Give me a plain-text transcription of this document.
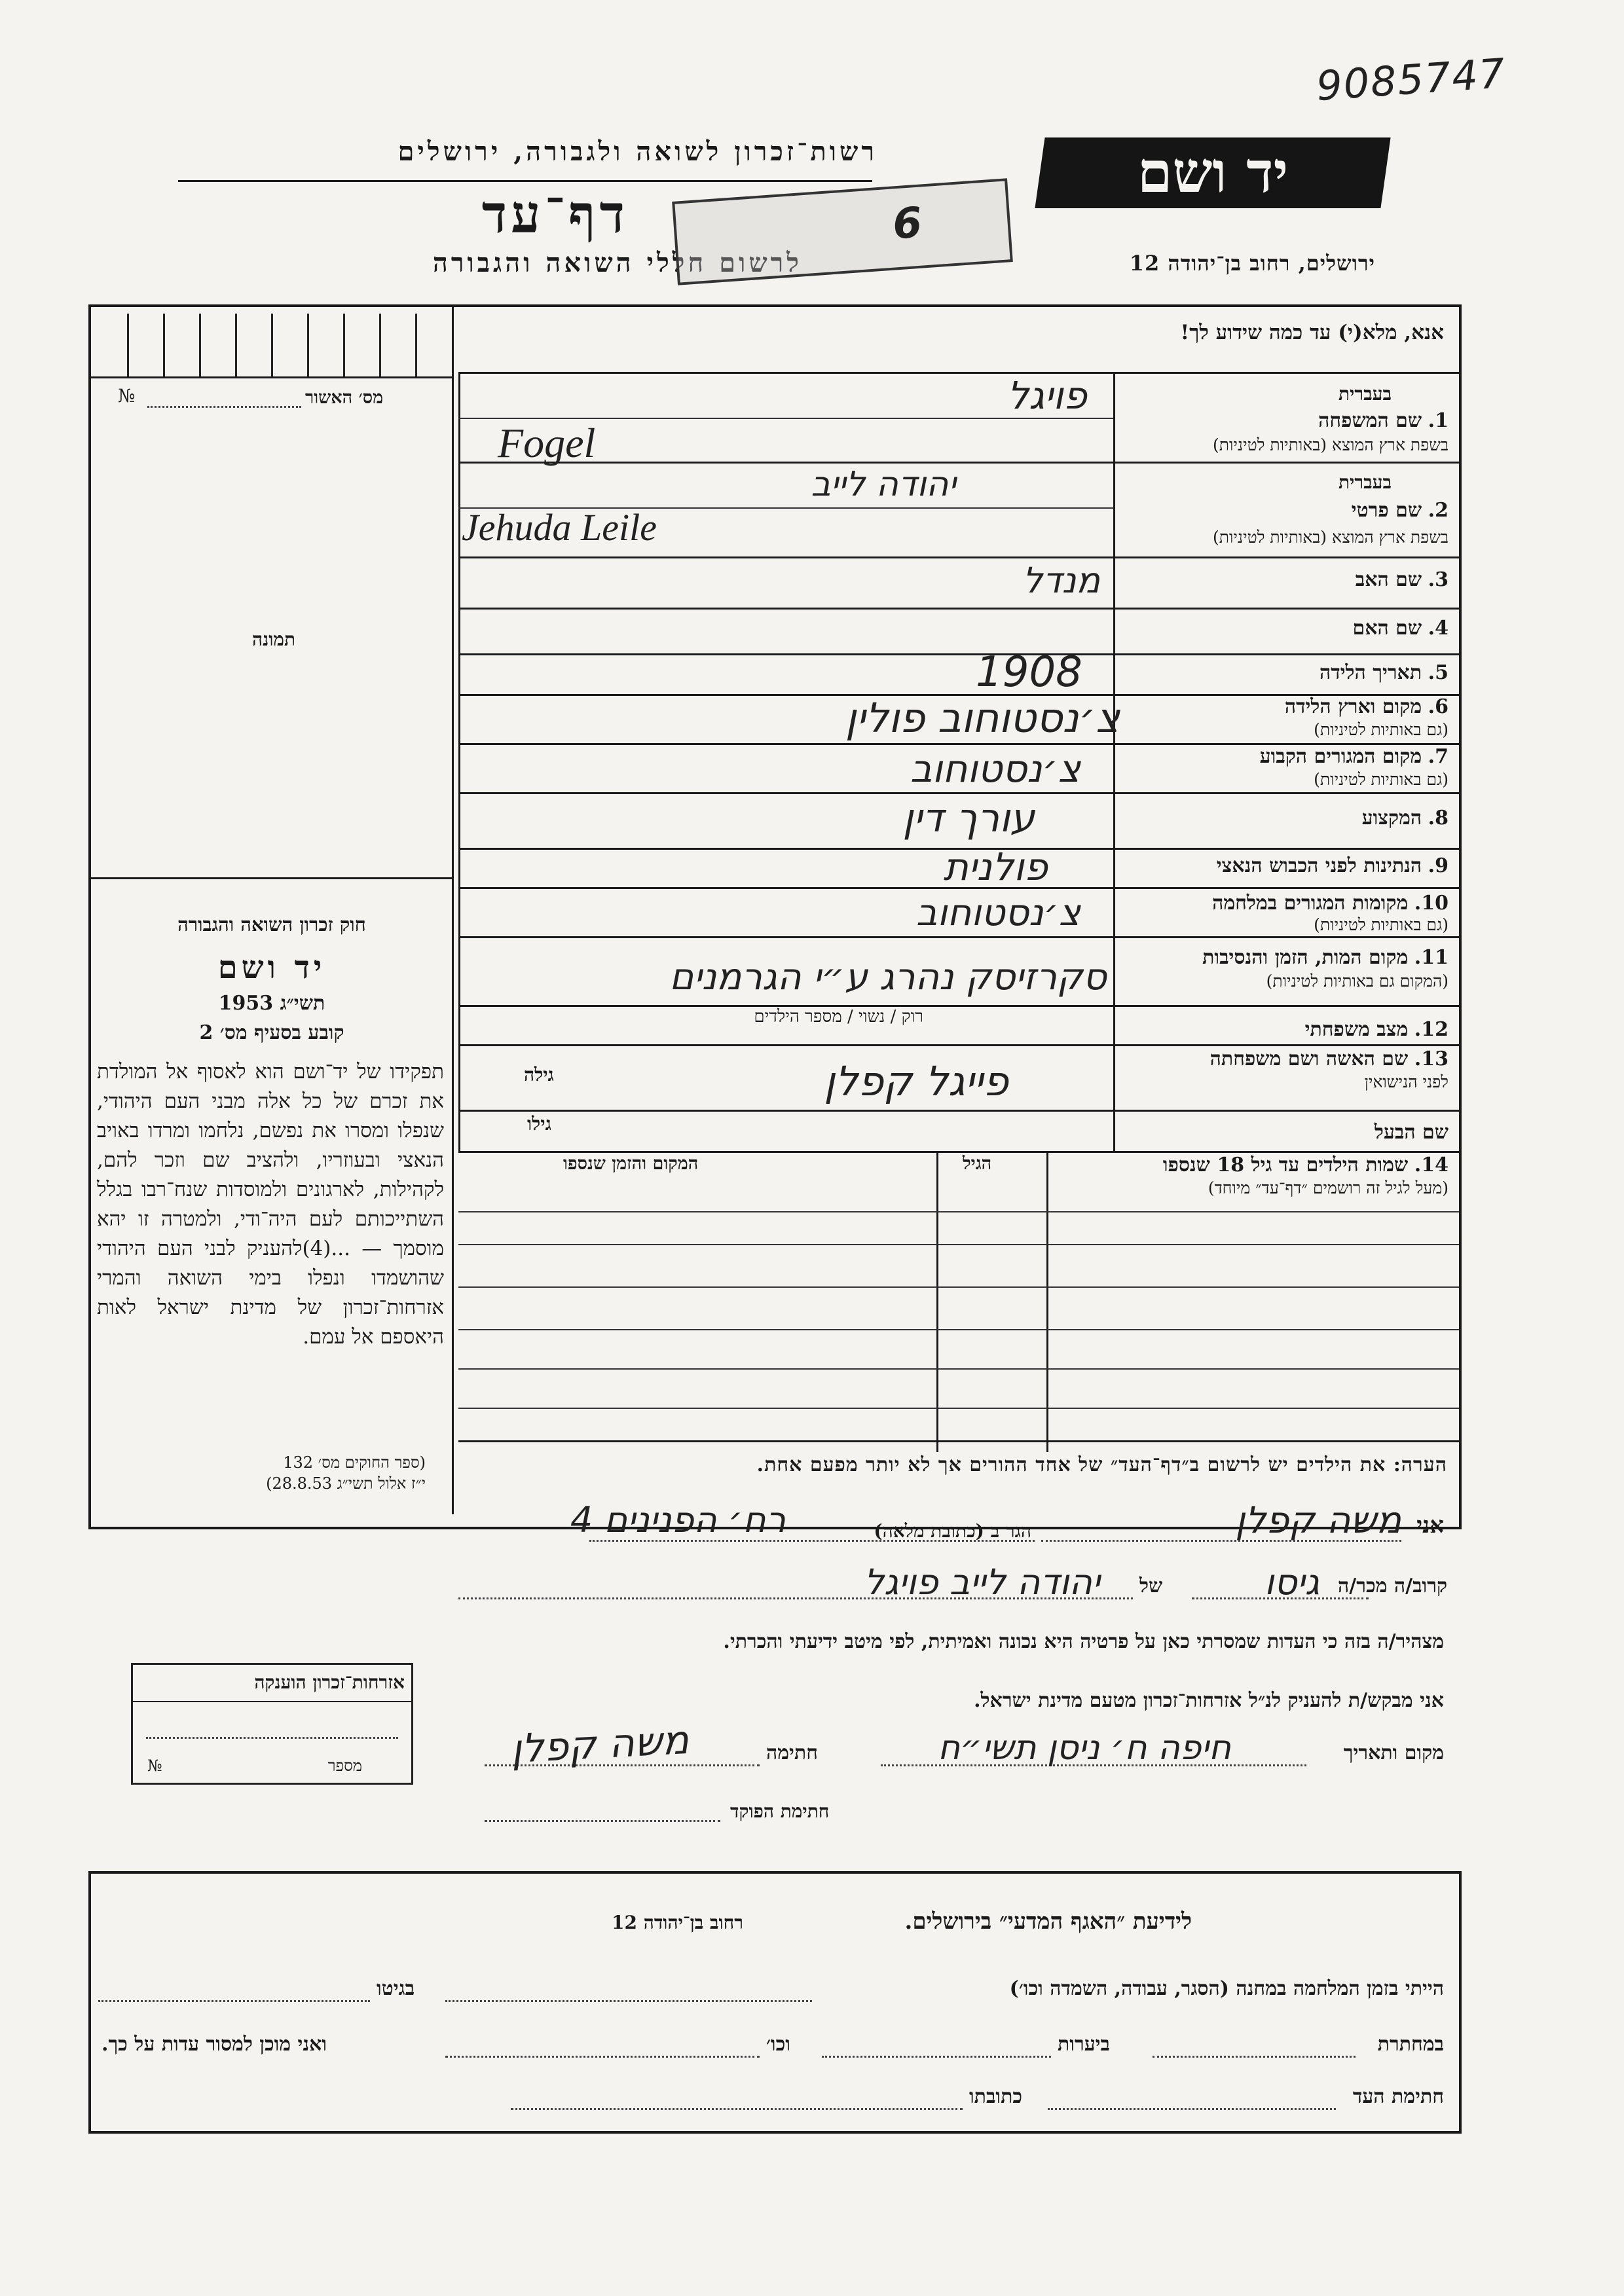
9085747
יד ושם
ירושלים, רחוב בן־יהודה 12
רשות־זכרון לשואה ולגבורה, ירושלים
דף־עד
לרשום חללי השואה והגבורה
6
אנא, מלא(י) עד כמה שידוע לך!
מס׳ האשור
№
תמונה
חוק זכרון השואה והגבורה
יד ושם
תשי״ג 1953
קובע בסעיף מס׳ 2
תפקידו של יד־ושם הוא לאסוף אל המולדת את זכרם של כל אלה מבני העם היהודי, שנפלו ומסרו את נפשם, נלחמו ומרדו באויב הנאצי ובעוזריו, ולהציב שם וזכר להם, לקהילות, לארגונים ולמוסדות שנח־רבו בגלל השתייכותם לעם היה־ודי, ולמטרה זו יהא מוסמך — ...(4)להעניק לבני העם היהודי שהושמדו ונפלו בימי השואה והמרי אזרחות־זכרון של מדינת ישראל לאות היאספם אל עמם.
(ספר החוקים מס׳ 132
י״ז אלול תשי״ג 28.8.53)
בעברית
1. שם המשפחה
בשפת ארץ המוצא (באותיות לטיניות)
פויגל
Fogel
בעברית
2. שם פרטי
בשפת ארץ המוצא (באותיות לטיניות)
יהודה לייב
Jehuda Leile
3. שם האב
מנדל
4. שם האם
5. תאריך הלידה
1908
6. מקום וארץ הלידה
(גם באותיות לטיניות)
צ׳נסטוחוב פולין
7. מקום המגורים הקבוע
(גם באותיות לטיניות)
צ׳נסטוחוב
8. המקצוע
עורך דין
9. הנתינות לפני הכבוש הנאצי
פולנית
10. מקומות המגורים במלחמה
(גם באותיות לטיניות)
צ׳נסטוחוב
11. מקום המות, הזמן והנסיבות
(המקום גם באותיות לטיניות)
סקרזיסק נהרג ע״י הגרמנים
רוק / נשוי / מספר הילדים
12. מצב משפחתי
13. שם האשה ושם משפחתה
לפני הנישואין
גילה	פייגל קפלן
שם הבעל
גילו
14. שמות הילדים עד גיל 18 שנספו
(מעל לגיל זה רושמים ״דף־עד״ מיוחד)
הגיל
המקום והזמן שנספו
הערה: את הילדים יש לרשום ב״דף־העד״ של אחד ההורים אך לא יותר מפעם אחת.
אזרחות־זכרון הוענקה
מספר
№
אני
משה קפלן
הגר ב (כתובת מלאה)
רח׳ הפנינים 4
קרוב/ה מכר/ה
גיסו
של
יהודה לייב פויגל
מצהיר/ה בזה כי העדות שמסרתי כאן על פרטיה היא נכונה ואמיתית, לפי מיטב ידיעתי והכרתי.
אני מבקש/ת להעניק לנ״ל אזרחות־זכרון מטעם מדינת ישראל.
מקום ותאריך
חיפה ח׳ ניסן תשי״ח
חתימה
משה קפלן
חתימת הפוקד
לידיעת ״האגף המדעי״ בירושלים.
רחוב בן־יהודה 12
הייתי בזמן המלחמה במחנה (הסגר, עבודה, השמדה וכו׳)
בגיטו
במחתרת
ביערות
וכו׳
ואני מוכן למסור עדות על כך.
חתימת העד
כתובתו
